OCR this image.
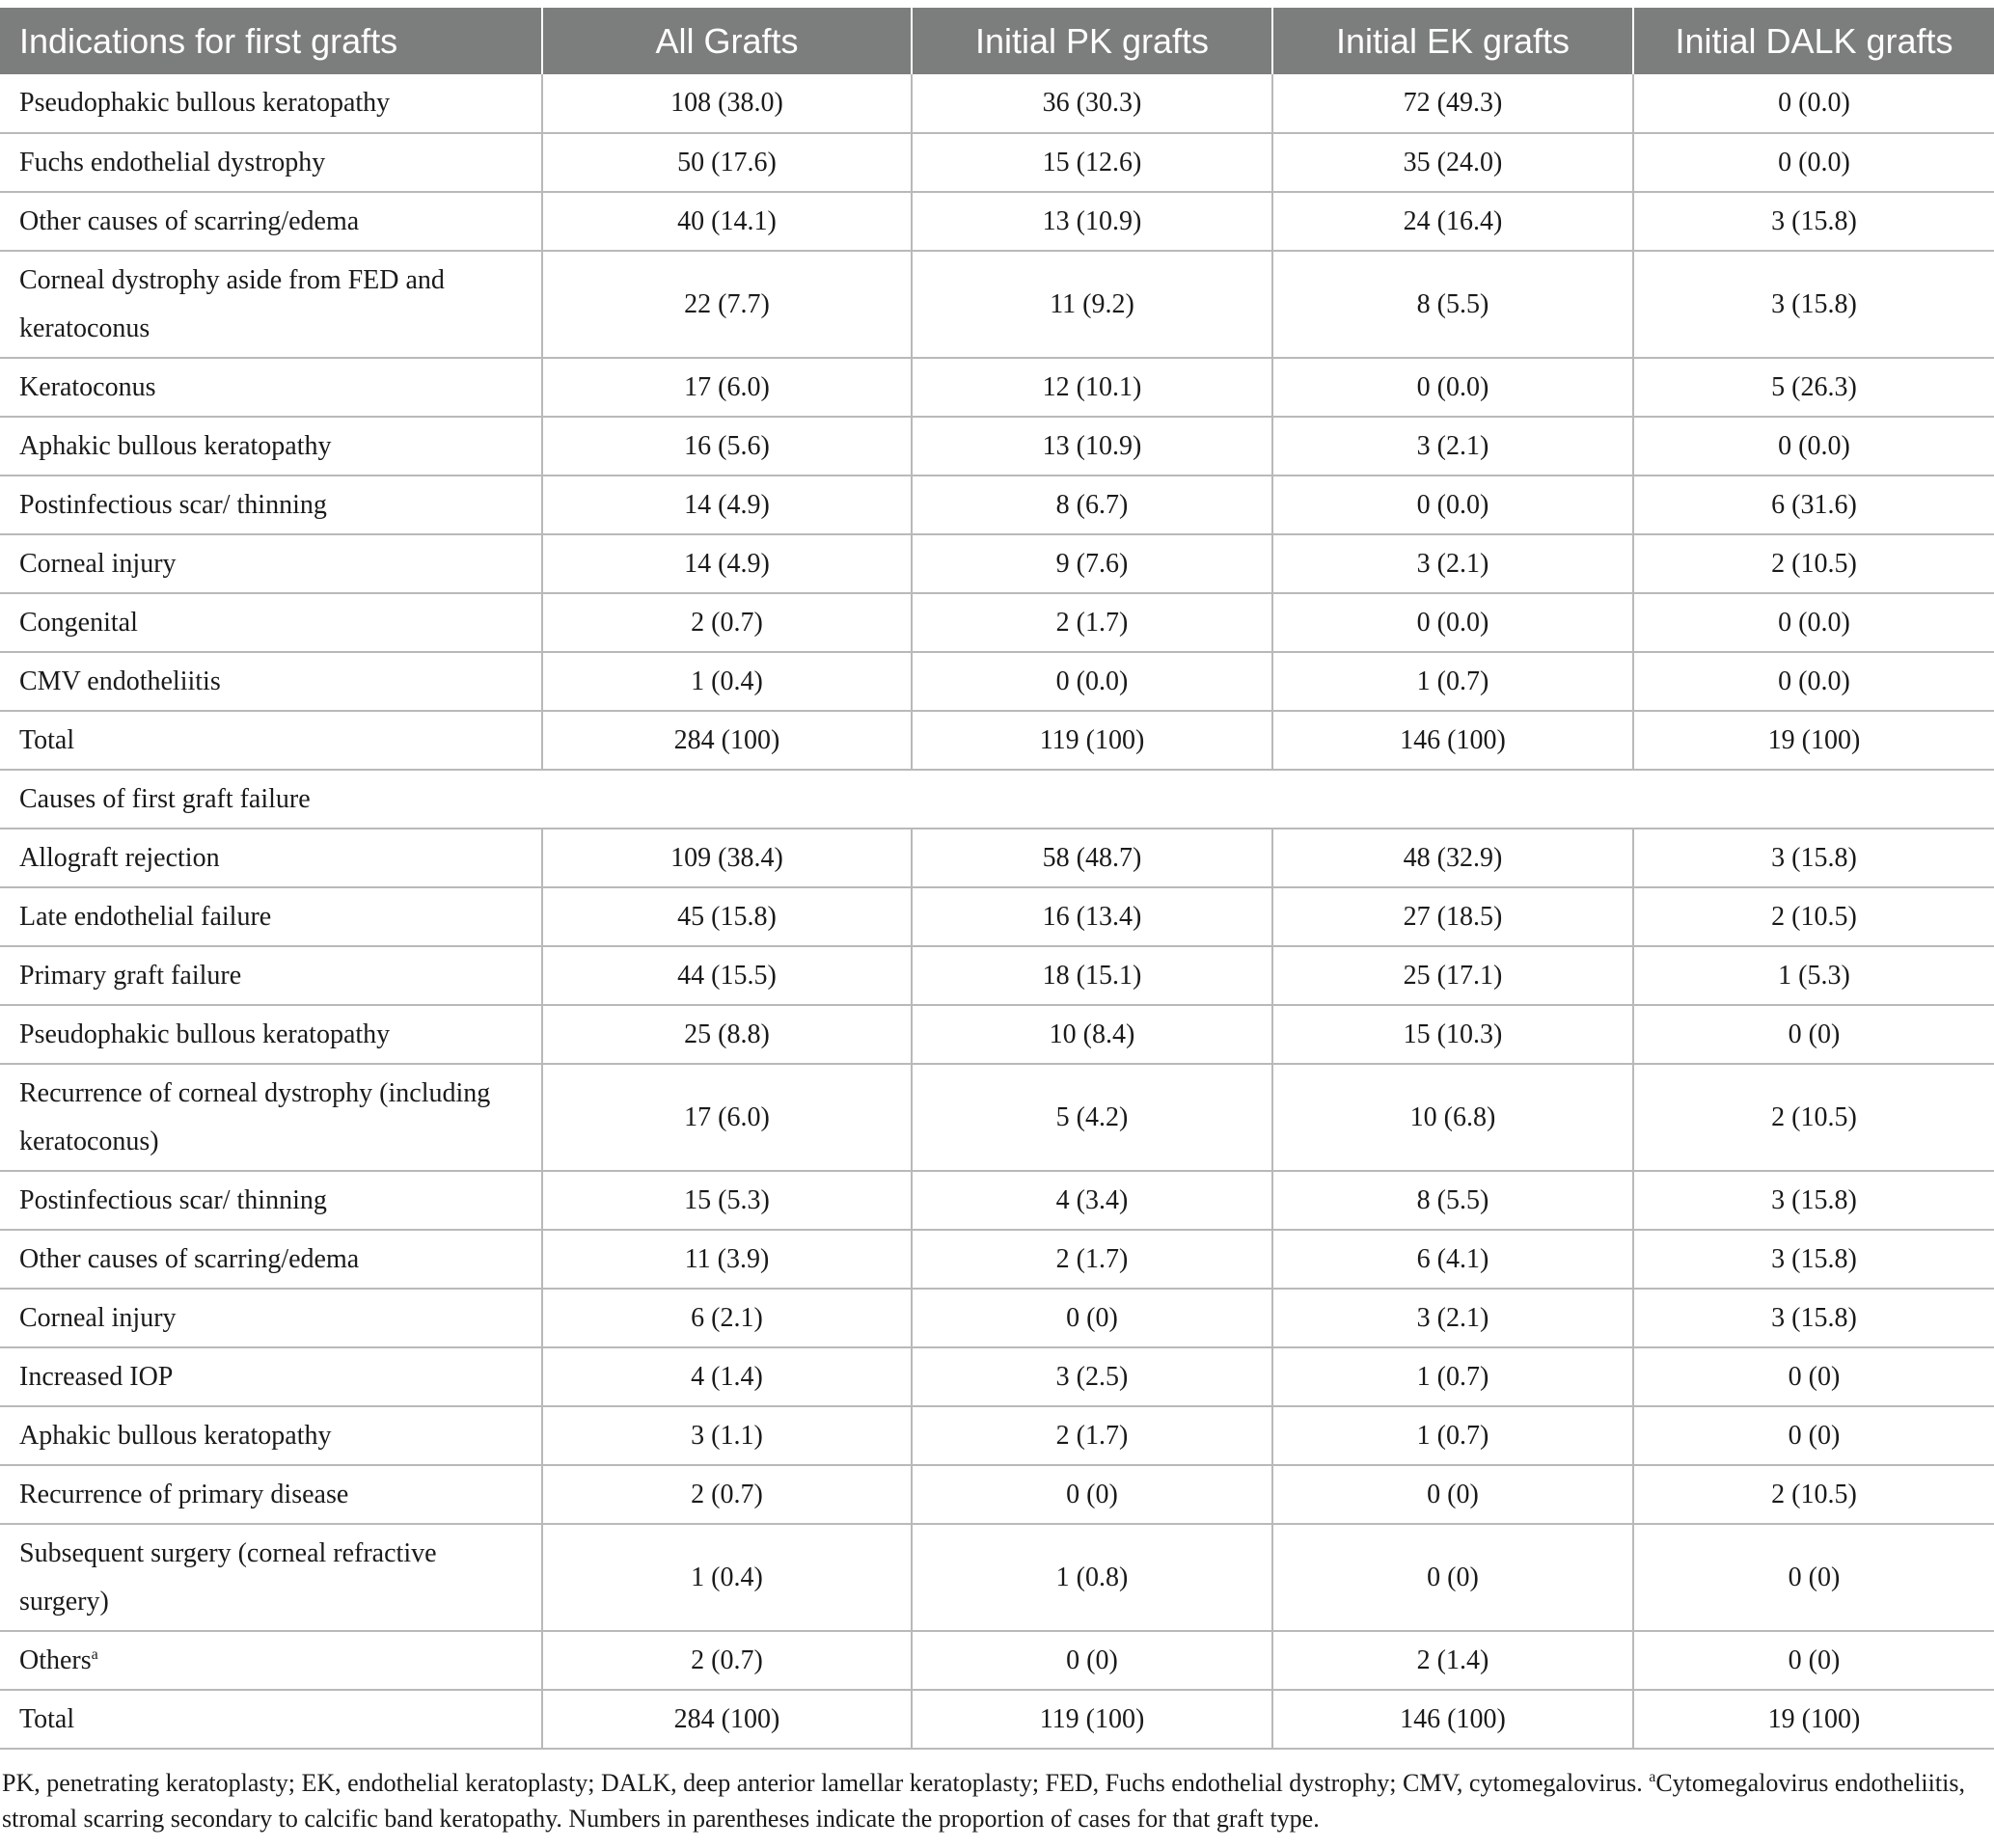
Indications for first grafts	All Grafts	Initial PK grafts	Initial EK grafts	Initial DALK grafts
Pseudophakic bullous keratopathy	108 (38.0)	36 (30.3)	72 (49.3)	0 (0.0)
Fuchs endothelial dystrophy	50 (17.6)	15 (12.6)	35 (24.0)	0 (0.0)
Other causes of scarring/edema	40 (14.1)	13 (10.9)	24 (16.4)	3 (15.8)
Corneal dystrophy aside from FED and keratoconus	22 (7.7)	11 (9.2)	8 (5.5)	3 (15.8)
Keratoconus	17 (6.0)	12 (10.1)	0 (0.0)	5 (26.3)
Aphakic bullous keratopathy	16 (5.6)	13 (10.9)	3 (2.1)	0 (0.0)
Postinfectious scar/ thinning	14 (4.9)	8 (6.7)	0 (0.0)	6 (31.6)
Corneal injury	14 (4.9)	9 (7.6)	3 (2.1)	2 (10.5)
Congenital	2 (0.7)	2 (1.7)	0 (0.0)	0 (0.0)
CMV endotheliitis	1 (0.4)	0 (0.0)	1 (0.7)	0 (0.0)
Total	284 (100)	119 (100)	146 (100)	19 (100)
Causes of first graft failure				
Allograft rejection	109 (38.4)	58 (48.7)	48 (32.9)	3 (15.8)
Late endothelial failure	45 (15.8)	16 (13.4)	27 (18.5)	2 (10.5)
Primary graft failure	44 (15.5)	18 (15.1)	25 (17.1)	1 (5.3)
Pseudophakic bullous keratopathy	25 (8.8)	10 (8.4)	15 (10.3)	0 (0)
Recurrence of corneal dystrophy (including keratoconus)	17 (6.0)	5 (4.2)	10 (6.8)	2 (10.5)
Postinfectious scar/ thinning	15 (5.3)	4 (3.4)	8 (5.5)	3 (15.8)
Other causes of scarring/edema	11 (3.9)	2 (1.7)	6 (4.1)	3 (15.8)
Corneal injury	6 (2.1)	0 (0)	3 (2.1)	3 (15.8)
Increased IOP	4 (1.4)	3 (2.5)	1 (0.7)	0 (0)
Aphakic bullous keratopathy	3 (1.1)	2 (1.7)	1 (0.7)	0 (0)
Recurrence of primary disease	2 (0.7)	0 (0)	0 (0)	2 (10.5)
Subsequent surgery (corneal refractive surgery)	1 (0.4)	1 (0.8)	0 (0)	0 (0)
Others$^a$	2 (0.7)	0 (0)	2 (1.4)	0 (0)
Total	284 (100)	119 (100)	146 (100)	19 (100)
PK, penetrating keratoplasty; EK, endothelial keratoplasty; DALK, deep anterior lamellar keratoplasty; FED, Fuchs endothelial dystrophy; CMV, cytomegalovirus. $^a$Cytomegalovirus endotheliitis, stromal scarring secondary to calcific band keratopathy. Numbers in parentheses indicate the proportion of cases for that graft type.
